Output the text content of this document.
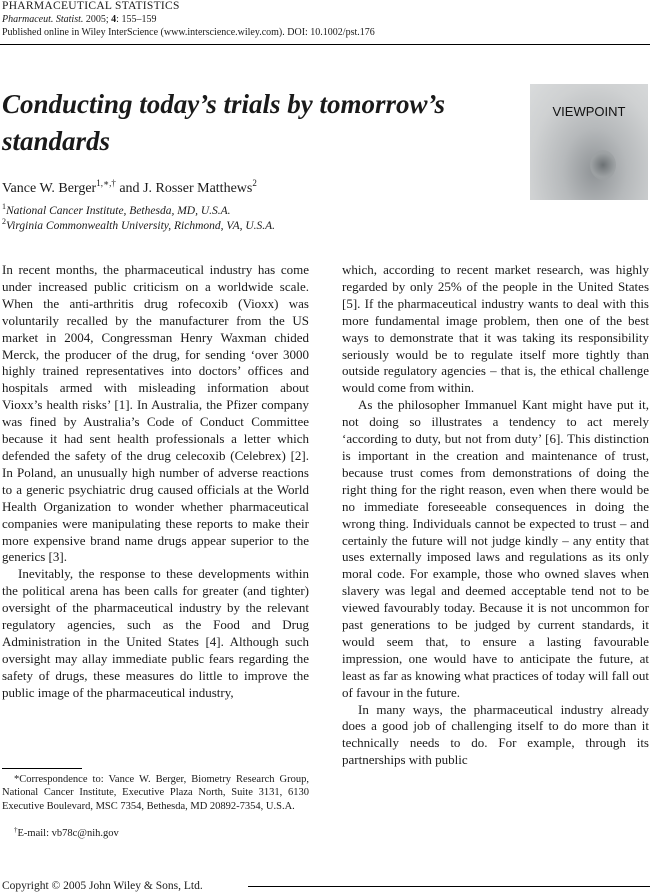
PHARMACEUTICAL STATISTICS
Pharmaceut. Statist. 2005; 4: 155–159
Published online in Wiley InterScience (www.interscience.wiley.com). DOI: 10.1002/pst.176
Conducting today’s trials by tomorrow’s standards
VIEWPOINT
Vance W. Berger$^{1,∗,\dagger}$ and J. Rosser Matthews$^2$
$^1$National Cancer Institute, Bethesda, MD, U.S.A.
$^2$Virginia Commonwealth University, Richmond, VA, U.S.A.

In recent months, the pharmaceutical industry has come under increased public criticism on a worldwide scale. When the anti-arthritis drug rofecoxib (Vioxx) was voluntarily recalled by the manufacturer from the US market in 2004, Congressman Henry Waxman chided Merck, the producer of the drug, for sending ‘over 3000 highly trained representatives into doctors’ offices and hospitals armed with misleading information about Vioxx’s health risks’ [1]. In Australia, the Pfizer company was fined by Australia’s Code of Conduct Committee because it had sent health professionals a letter which defended the safety of the drug celecoxib (Celebrex) [2]. In Poland, an unusually high number of adverse reactions to a generic psychiatric drug caused officials at the World Health Organization to wonder whether pharmaceutical companies were manipulating these reports to make their more expensive brand name drugs appear superior to the generics [3].

Inevitably, the response to these developments within the political arena has been calls for greater (and tighter) oversight of the pharmaceutical industry by the relevant regulatory agencies, such as the Food and Drug Administration in the United States [4]. Although such oversight may allay immediate public fears regarding the safety of drugs, these measures do little to improve the public image of the pharmaceutical industry,

which, according to recent market research, was highly regarded by only 25% of the people in the United States [5]. If the pharmaceutical industry wants to deal with this more fundamental image problem, then one of the best ways to demonstrate that it was taking its responsibility seriously would be to regulate itself more tightly than outside regulatory agencies – that is, the ethical challenge would come from within.

As the philosopher Immanuel Kant might have put it, not doing so illustrates a tendency to act merely ‘according to duty, but not from duty’ [6]. This distinction is important in the creation and maintenance of trust, because trust comes from demonstrations of doing the right thing for the right reason, even when there would be no immediate foreseeable consequences in doing the wrong thing. Individuals cannot be expected to trust – and certainly the future will not judge kindly – any entity that uses externally imposed laws and regulations as its only moral code. For example, those who owned slaves when slavery was legal and deemed acceptable tend not to be viewed favourably today. Because it is not uncommon for past generations to be judged by current standards, it would seem that, to ensure a lasting favourable impression, one would have to anticipate the future, at least as far as knowing what practices of today will fall out of favour in the future.

In many ways, the pharmaceutical industry already does a good job of challenging itself to do more than it technically needs to do. For example, through its partnerships with public

*Correspondence to: Vance W. Berger, Biometry Research Group, National Cancer Institute, Executive Plaza North, Suite 3131, 6130 Executive Boulevard, MSC 7354, Bethesda, MD 20892-7354, U.S.A.
†E-mail: vb78c@nih.gov
Copyright © 2005 John Wiley & Sons, Ltd.
